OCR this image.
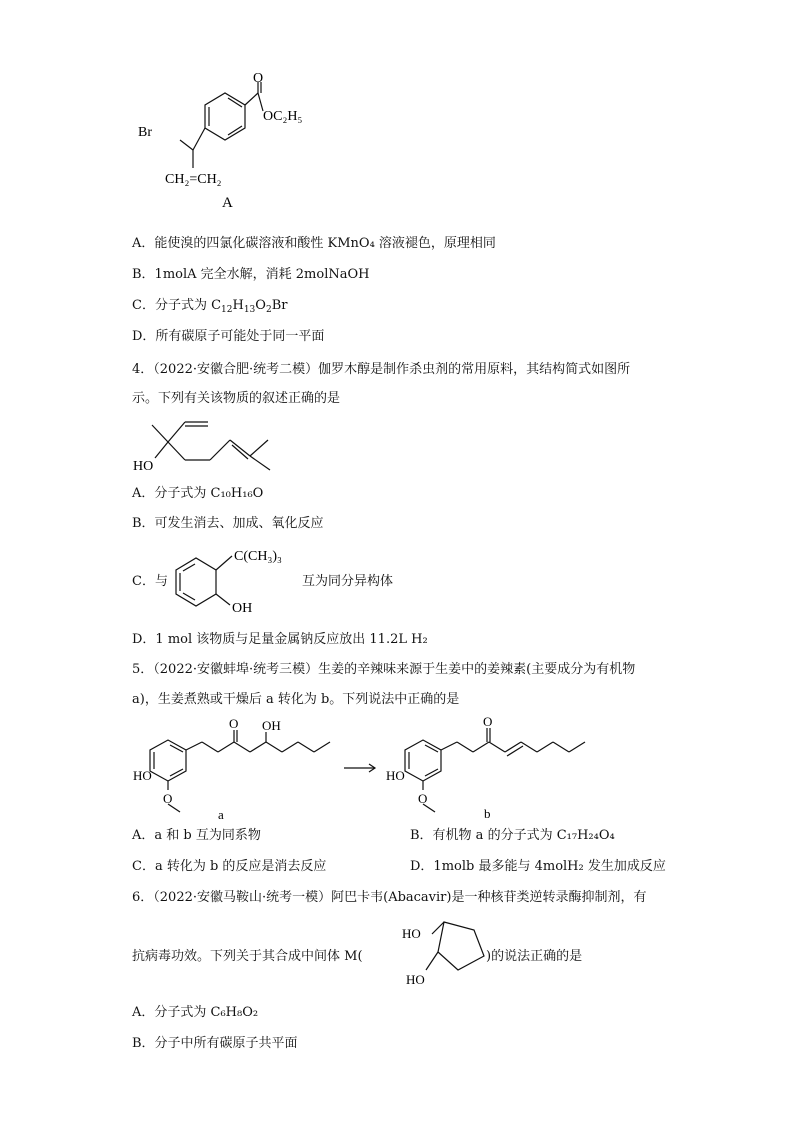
O
OC₂H₅
Br
CH₂=CH₂
A
A．能使溴的四氯化碳溶液和酸性 KMnO₄ 溶液褪色，原理相同
B．1molA 完全水解，消耗 2molNaOH
C．分子式为 $C_{12}H_{13}O_2Br$
D．所有碳原子可能处于同一平面
4．（2022·安徽合肥·统考二模）伽罗木醇是制作杀虫剂的常用原料，其结构简式如图所
示。下列有关该物质的叙述正确的是
HO
A．分子式为 C₁₀H₁₆O
B．可发生消去、加成、氧化反应
C．与
C(CH₃)₃
OH
互为同分异构体
D．1 mol 该物质与足量金属钠反应放出 11.2L H₂
5．（2022·安徽蚌埠·统考三模）生姜的辛辣味来源于生姜中的姜辣素(主要成分为有机物
a)，生姜煮熟或干燥后 a 转化为 b。下列说法中正确的是
O OH
HO
O
a
O
HO
O
b
A．a 和 b 互为同系物	B．有机物 a 的分子式为 C₁₇H₂₄O₄
C．a 转化为 b 的反应是消去反应	D．1molb 最多能与 4molH₂ 发生加成反应
6．（2022·安徽马鞍山·统考一模）阿巴卡韦(Abacavir)是一种核苷类逆转录酶抑制剂，有
HO
HO
抗病毒功效。下列关于其合成中间体 M(	)的说法正确的是
A．分子式为 C₆H₈O₂
B．分子中所有碳原子共平面
